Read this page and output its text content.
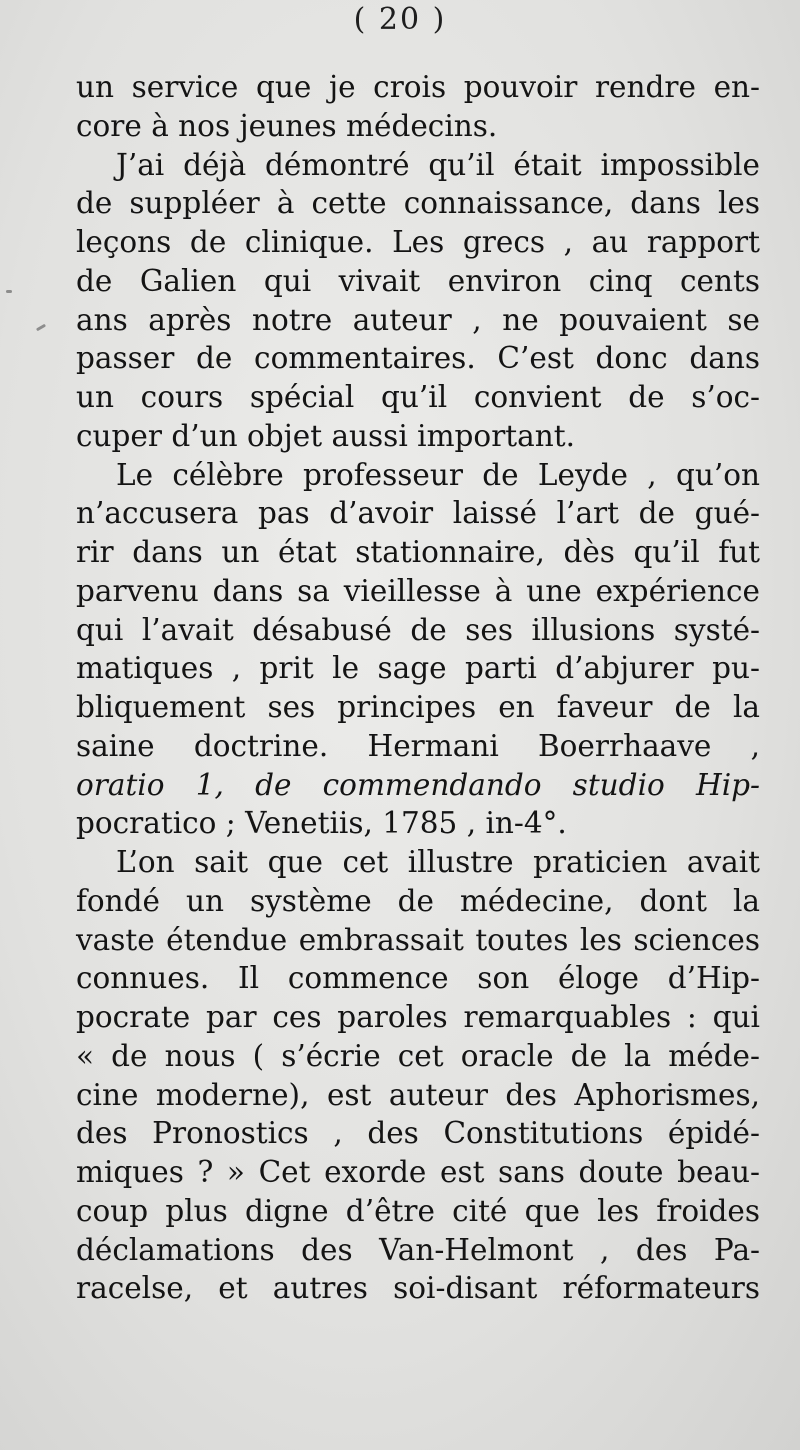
( 20 )
un service que je crois pouvoir rendre en-
core à nos jeunes médecins.
J’ai déjà démontré qu’il était impossible
de suppléer à cette connaissance, dans les
leçons de clinique. Les grecs , au rapport
de Galien qui vivait environ cinq cents
ans après notre auteur , ne pouvaient se
passer de commentaires. C’est donc dans
un cours spécial qu’il convient de s’oc-
cuper d’un objet aussi important.
Le célèbre professeur de Leyde , qu’on
n’accusera pas d’avoir laissé l’art de gué-
rir dans un état stationnaire, dès qu’il fut
parvenu dans sa vieillesse à une expérience
qui l’avait désabusé de ses illusions systé-
matiques , prit le sage parti d’abjurer pu-
bliquement ses principes en faveur de la
saine doctrine. Hermani Boerrhaave ,
oratio 1, de commendando studio Hip-
pocratico ; Venetiis, 1785 , in-4°.
L’on sait que cet illustre praticien avait
fondé un système de médecine, dont la
vaste étendue embrassait toutes les sciences
connues. Il commence son éloge d’Hip-
pocrate par ces paroles remarquables : qui
« de nous ( s’écrie cet oracle de la méde-
cine moderne), est auteur des Aphorismes,
des Pronostics , des Constitutions épidé-
miques ? » Cet exorde est sans doute beau-
coup plus digne d’être cité que les froides
déclamations des Van-Helmont , des Pa-
racelse, et autres soi-disant réformateurs
